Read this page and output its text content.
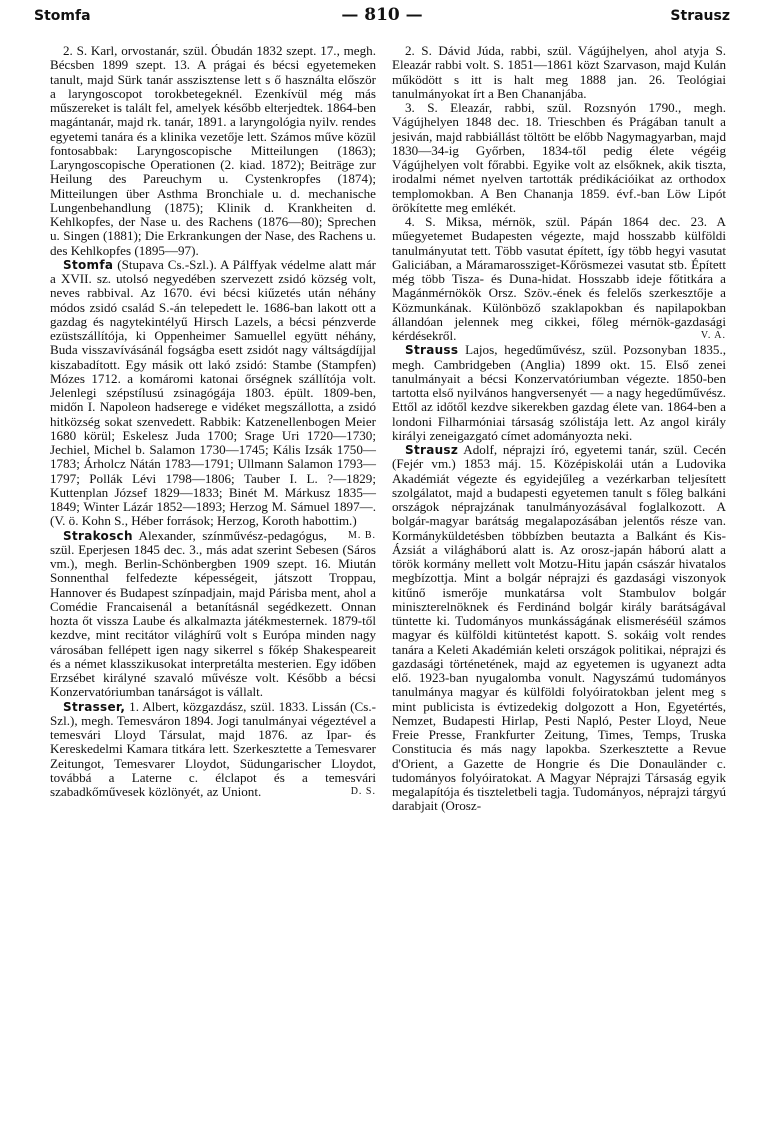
Stomfa	— 810 —	Strausz

2. S. Karl, orvostanár, szül. Óbudán 1832 szept. 17., megh. Bécsben 1899 szept. 13. A prágai és bécsi egyetemeken tanult, majd Sürk tanár asszisztense lett s ő használta először a laryngoscopot torokbetegeknél. Ezenkívül még más műszereket is talált fel, amelyek később elterjedtek. 1864-ben magántanár, majd rk. tanár, 1891. a laryngológia nyilv. rendes egyetemi tanára és a klinika vezetője lett. Számos műve közül fontosabbak: Laryngoscopische Mitteilungen (1863); Laryngoscopische Operationen (2. kiad. 1872); Beiträge zur Heilung des Pareuchym u. Cystenkropfes (1874); Mitteilungen über Asthma Bronchiale u. d. mechanische Lungenbehandlung (1875); Klinik d. Krankheiten d. Kehlkopfes, der Nase u. des Rachens (1876—80); Sprechen u. Singen (1881); Die Erkrankungen der Nase, des Rachens u. des Kehlkopfes (1895—97).

Stomfa (Stupava Cs.-Szl.). A Pálffyak védelme alatt már a XVII. sz. utolsó negyedében szervezett zsidó község volt, neves rabbival. Az 1670. évi bécsi kiűzetés után néhány módos zsidó család S.-án telepedett le. 1686-ban lakott ott a gazdag és nagytekintélyű Hirsch Lazels, a bécsi pénzverde ezüstszállítója, ki Oppenheimer Samuellel együtt néhány, Buda visszavívásánál fogságba esett zsidót nagy váltságdíjjal kiszabadított. Egy másik ott lakó zsidó: Stambe (Stampfen) Mózes 1712. a komáromi katonai őrségnek szállítója volt. Jelenlegi szépstílusú zsinagógája 1803. épült. 1809-ben, midőn I. Napoleon hadserege e vidéket megszállotta, a zsidó hitközség sokat szenvedett. Rabbik: Katzenellenbogen Meier 1680 körül; Eskelesz Juda 1700; Srage Uri 1720—1730; Jechiel, Michel b. Salamon 1730—1745; Kális Izsák 1750—1783; Árholcz Nátán 1783—1791; Ullmann Salamon 1793—1797; Pollák Lévi 1798—1806; Tauber I. L. ?—1829; Kuttenplan József 1829—1833; Binét M. Márkusz 1835—1849; Winter Lázár 1852—1893; Herzog M. Sámuel 1897—. (V. ö. Kohn S., Héber források; Herzog, Koroth habottim.)
M. B.

Strakosch Alexander, színművész-pedagógus, szül. Eperjesen 1845 dec. 3., más adat szerint Sebesen (Sáros vm.), megh. Berlin-Schönbergben 1909 szept. 16. Miután Sonnenthal felfedezte képességeit, játszott Troppau, Hannover és Budapest színpadjain, majd Párisba ment, ahol a Comédie Francaisenál a betanításnál segédkezett. Onnan hozta őt vissza Laube és alkalmazta játékmesternek. 1879-től kezdve, mint recitátor világhírű volt s Európa minden nagy városában fellépett igen nagy sikerrel s főkép Shakespeareit és a német klasszikusokat interpretálta mesterien. Egy időben Erzsébet királyné szavaló művésze volt. Később a bécsi Konzervatóriumban tanárságot is vállalt.

Strasser, 1. Albert, közgazdász, szül. 1833. Lissán (Cs.-Szl.), megh. Temesváron 1894. Jogi tanulmányai végeztével a temesvári Lloyd Társulat, majd 1876. az Ipar- és Kereskedelmi Kamara titkára lett. Szerkesztette a Temesvarer Zeitungot, Temesvarer Lloydot, Südungarischer Lloydot, továbbá a Laterne c. élclapot és a temesvári szabadkőművesek közlönyét, az Uniont.	D. S.

2. S. Dávid Júda, rabbi, szül. Vágújhelyen, ahol atyja S. Eleazár rabbi volt. S. 1851—1861 közt Szarvason, majd Kulán működött s itt is halt meg 1888 jan. 26. Teológiai tanulmányokat írt a Ben Chananjába.

3. S. Eleazár, rabbi, szül. Rozsnyón 1790., megh. Vágújhelyen 1848 dec. 18. Trieschben és Prágában tanult a jesiván, majd rabbiállást töltött be előbb Nagymagyarban, majd 1830—34-ig Győrben, 1834-től pedig élete végéig Vágújhelyen volt főrabbi. Egyike volt az elsőknek, akik tiszta, irodalmi német nyelven tartották prédikációikat az orthodox templomokban. A Ben Chananja 1859. évf.-ban Löw Lipót örökítette meg emlékét.

4. S. Miksa, mérnök, szül. Pápán 1864 dec. 23. A műegyetemet Budapesten végezte, majd hosszabb külföldi tanulmányutat tett. Több vasutat épített, így több hegyi vasutat Galiciában, a Máramarossziget-Kőrösmezei vasutat stb. Épített még több Tisza- és Duna-hidat. Hosszabb ideje főtitkára a Magánmérnökök Orsz. Szöv.-ének és felelős szerkesztője a Közmunkának. Különböző szaklapokban és napilapokban állandóan jelennek meg cikkei, főleg mérnök-gazdasági kérdésekről.	V. A.

Strauss Lajos, hegedűművész, szül. Pozsonyban 1835., megh. Cambridgeben (Anglia) 1899 okt. 15. Első zenei tanulmányait a bécsi Konzervatóriumban végezte. 1850-ben tartotta első nyilvános hangversenyét — a nagy hegedűművész. Ettől az időtől kezdve sikerekben gazdag élete van. 1864-ben a londoni Filharmóniai társaság szólistája lett. Az angol király királyi zeneigazgató címet adományozta neki.

Strausz Adolf, néprajzi író, egyetemi tanár, szül. Cecén (Fejér vm.) 1853 máj. 15. Középiskolái után a Ludovika Akadémiát végezte és egyidejűleg a vezérkarban teljesített szolgálatot, majd a budapesti egyetemen tanult s főleg balkáni országok néprajzának tanulmányozásával foglalkozott. A bolgár-magyar barátság megalapozásában jelentős része van. Kormányküldetésben többízben beutazta a Balkánt és Kis-Ázsiát a világháború alatt is. Az orosz-japán háború alatt a török kormány mellett volt Motzu-Hitu japán császár hivatalos megbízottja. Mint a bolgár néprajzi és gazdasági viszonyok kitűnő ismerője munkatársa volt Stambulov bolgár miniszterelnöknek és Ferdinánd bolgár király barátságával tüntette ki. Tudományos munkásságának elismeréséül számos magyar és külföldi kitüntetést kapott. S. sokáig volt rendes tanára a Keleti Akadémián keleti országok politikai, néprajzi és gazdasági történetének, majd az egyetemen is ugyanezt adta elő. 1923-ban nyugalomba vonult. Nagyszámú tudományos tanulmánya magyar és külföldi folyóiratokban jelent meg s mint publicista is évtizedekig dolgozott a Hon, Egyetértés, Nemzet, Budapesti Hirlap, Pesti Napló, Pester Lloyd, Neue Freie Presse, Frankfurter Zeitung, Times, Temps, Truska Constitucia és más nagy lapokba. Szerkesztette a Revue d'Orient, a Gazette de Hongrie és Die Donauländer c. tudományos folyóiratokat. A Magyar Néprajzi Társaság egyik megalapítója és tiszteletbeli tagja. Tudományos, néprajzi tárgyú darabjait (Orosz-
